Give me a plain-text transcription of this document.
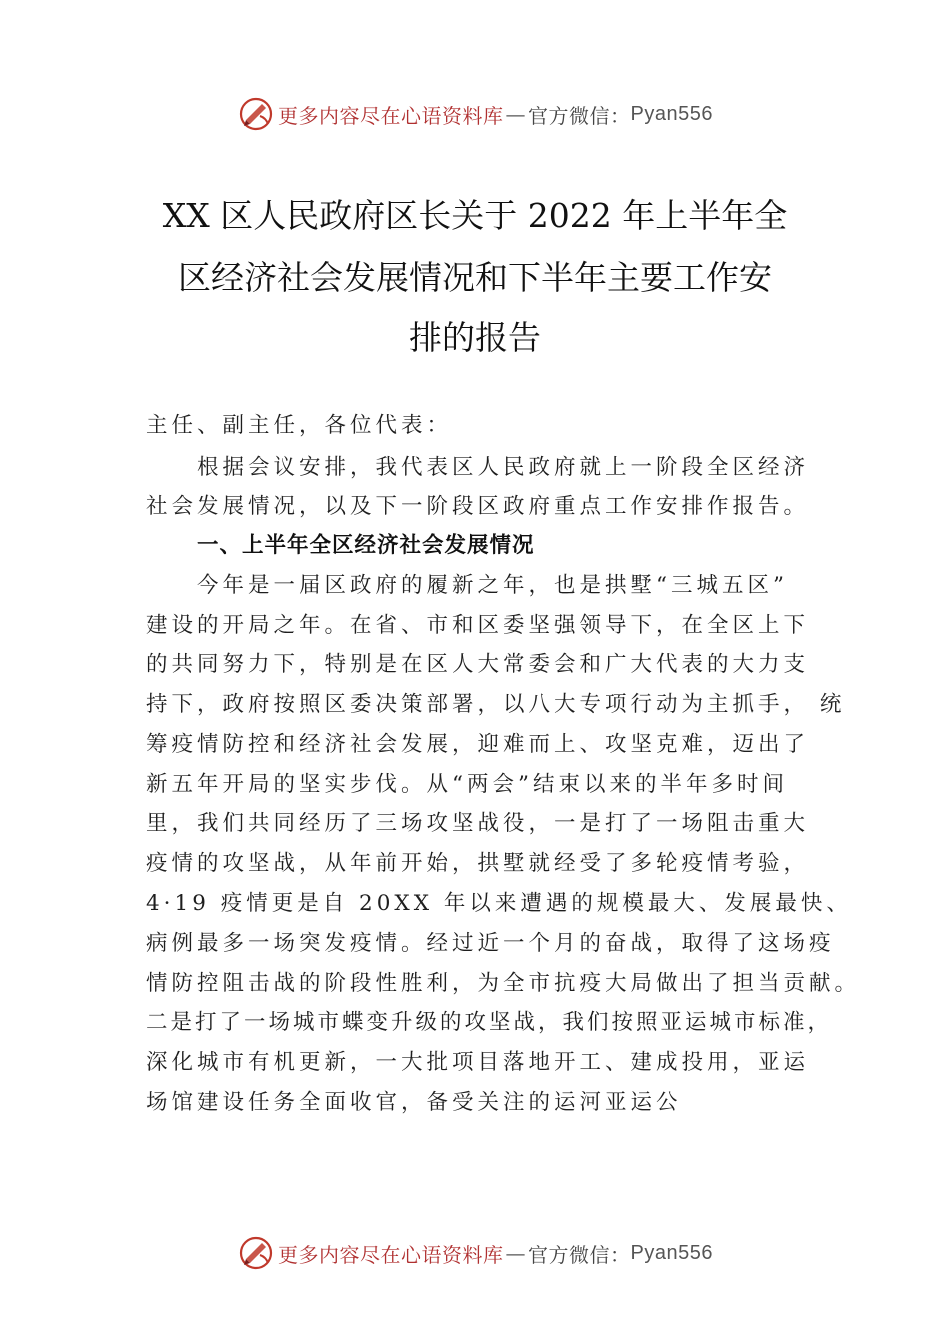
更多内容尽在心语资料库 — 官方微信： Pyan556
XX 区人民政府区长关于 2022 年上半年全
区经济社会发展情况和下半年主要工作安
排的报告
主任、副主任，各位代表：
根据会议安排，我代表区人民政府就上一阶段全区经济
社会发展情况，以及下一阶段区政府重点工作安排作报告。
一、上半年全区经济社会发展情况
今年是一届区政府的履新之年，也是拱墅“三城五区”
建设的开局之年。在省、市和区委坚强领导下，在全区上下
的共同努力下，特别是在区人大常委会和广大代表的大力支
持下，政府按照区委决策部署，以八大专项行动为主抓手， 统
筹疫情防控和经济社会发展，迎难而上、攻坚克难，迈出了
新五年开局的坚实步伐。从“两会”结束以来的半年多时间
里，我们共同经历了三场攻坚战役，一是打了一场阻击重大
疫情的攻坚战，从年前开始，拱墅就经受了多轮疫情考验，
4·19 疫情更是自 20XX 年以来遭遇的规模最大、发展最快、
病例最多一场突发疫情。经过近一个月的奋战，取得了这场疫
情防控阻击战的阶段性胜利，为全市抗疫大局做出了担当贡献。
二是打了一场城市蝶变升级的攻坚战，我们按照亚运城市标准，
深化城市有机更新，一大批项目落地开工、建成投用，亚运
场馆建设任务全面收官，备受关注的运河亚运公
更多内容尽在心语资料库 — 官方微信： Pyan556
